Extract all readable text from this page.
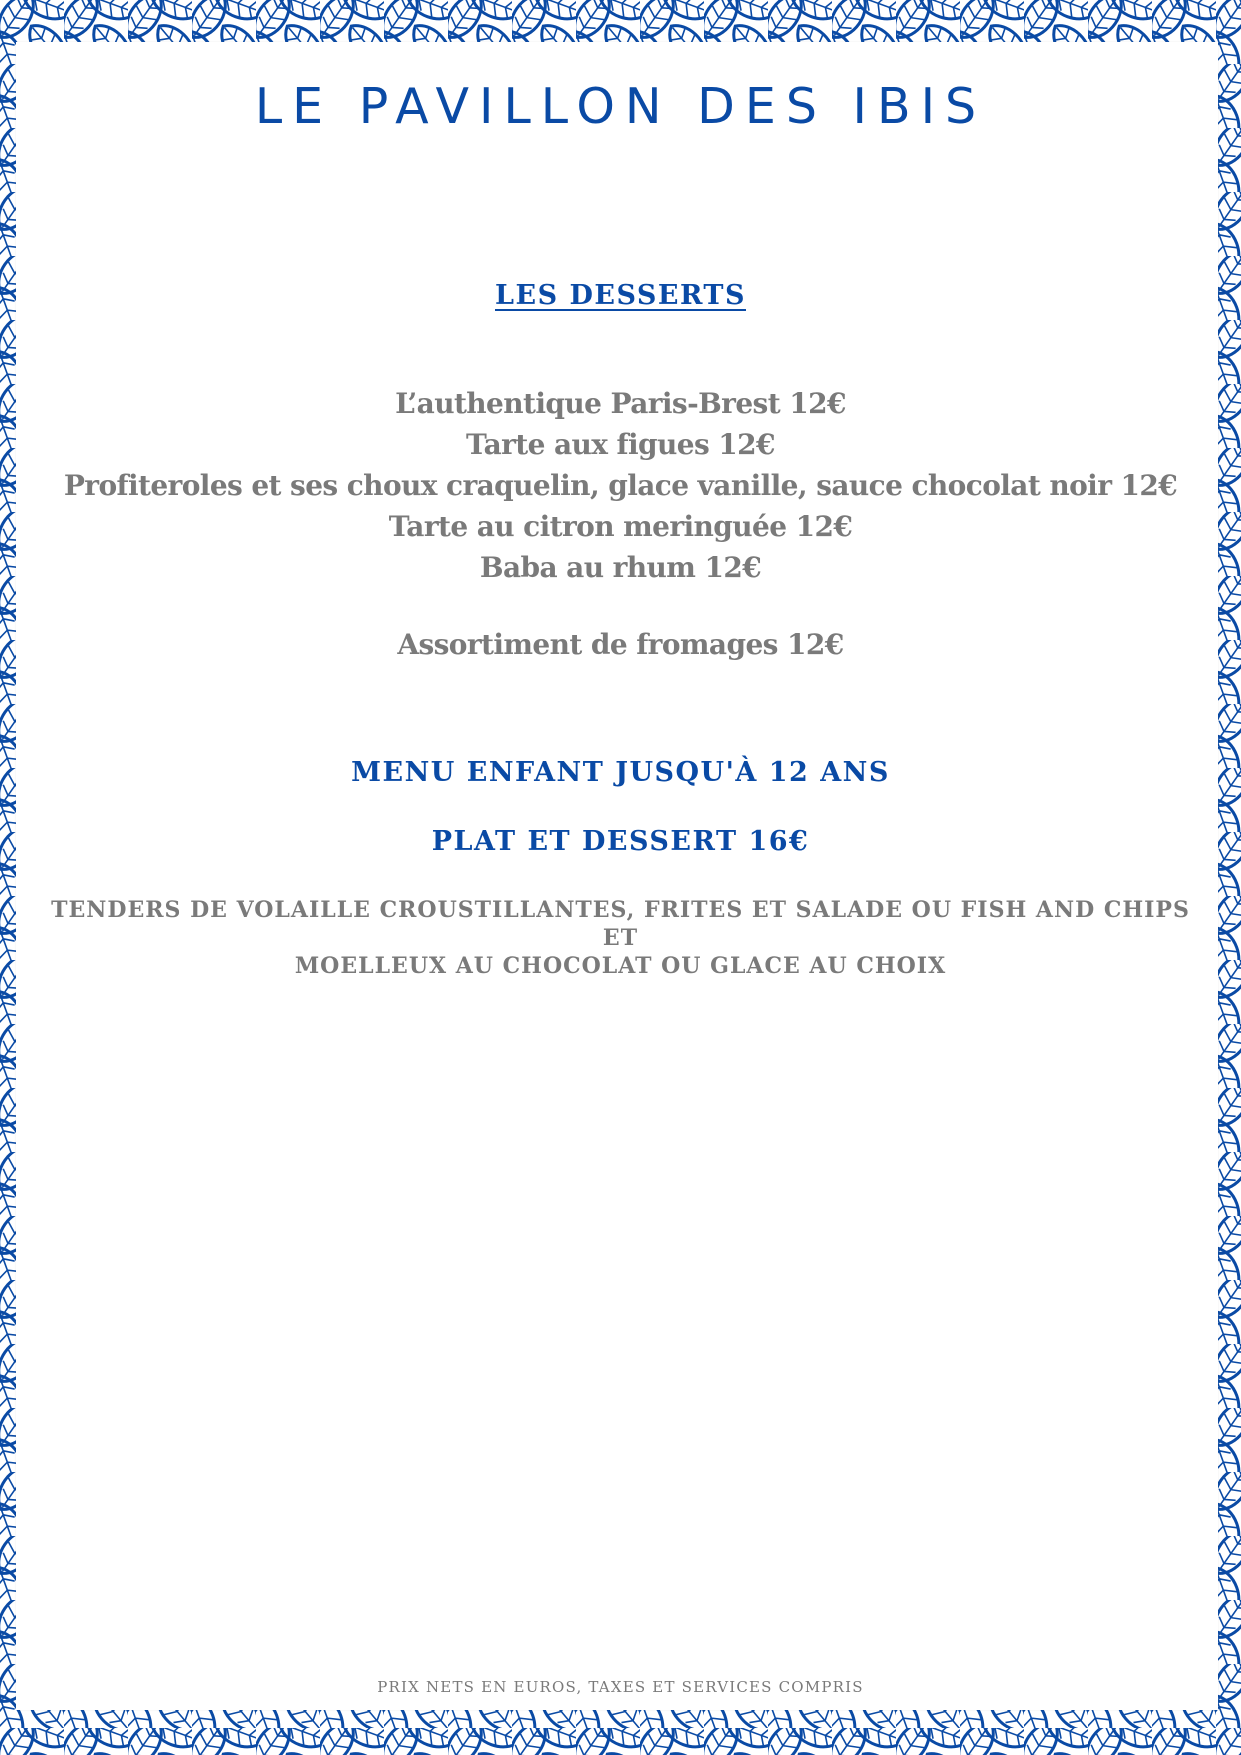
LE PAVILLON DES IBIS
LES DESSERTS
L’authentique Paris-Brest 12€
Tarte aux figues 12€
Profiteroles et ses choux craquelin, glace vanille, sauce chocolat noir 12€
Tarte au citron meringuée 12€
Baba au rhum 12€
Assortiment de fromages 12€
MENU ENFANT JUSQU'À 12 ANS
PLAT ET DESSERT 16€
TENDERS DE VOLAILLE CROUSTILLANTES, FRITES ET SALADE OU FISH AND CHIPS
ET
MOELLEUX AU CHOCOLAT OU GLACE AU CHOIX
PRIX NETS EN EUROS, TAXES ET SERVICES COMPRIS
